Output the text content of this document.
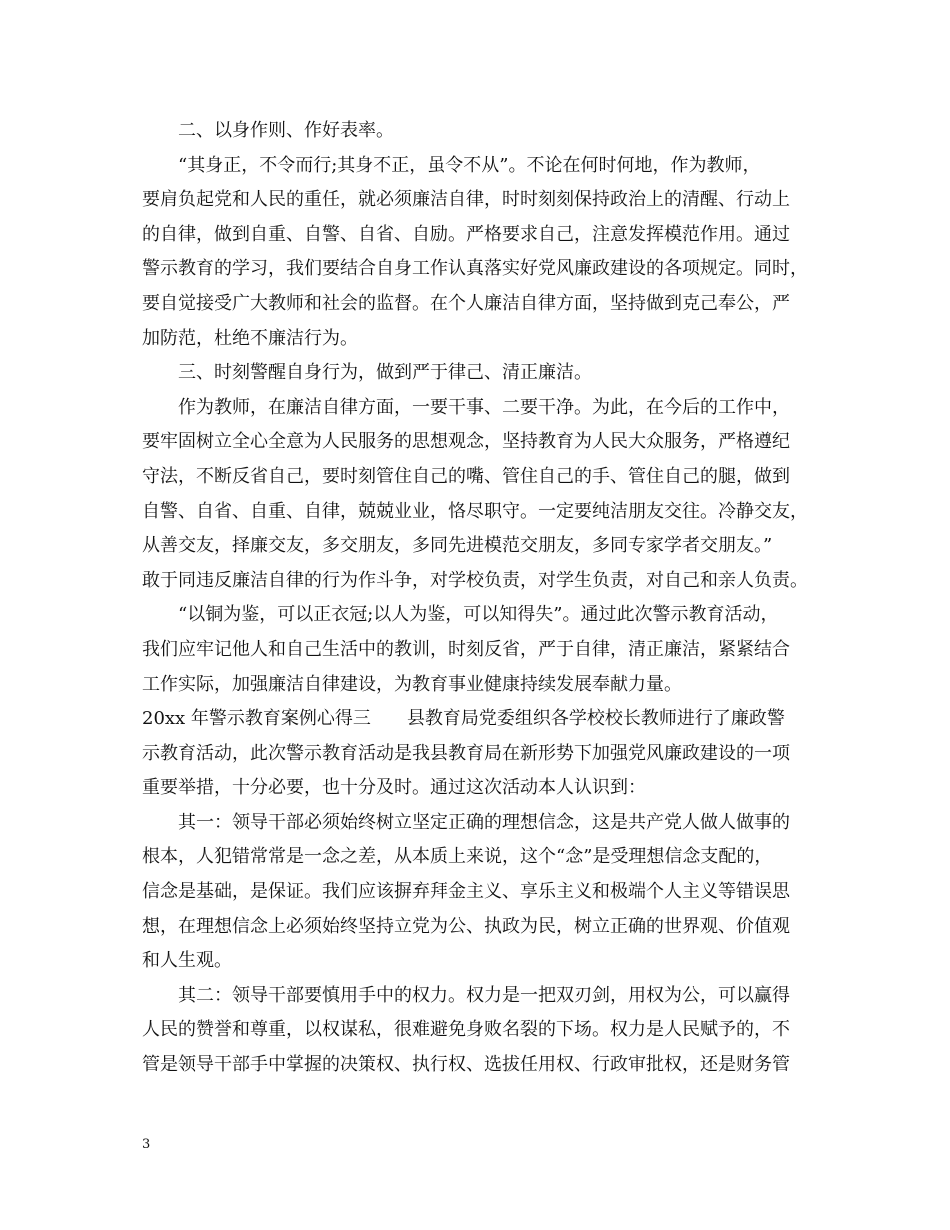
二、以身作则、作好表率。
“其身正，不令而行;其身不正，虽令不从”。不论在何时何地，作为教师，
要肩负起党和人民的重任，就必须廉洁自律，时时刻刻保持政治上的清醒、行动上
的自律，做到自重、自警、自省、自励。严格要求自己，注意发挥模范作用。通过
警示教育的学习，我们要结合自身工作认真落实好党风廉政建设的各项规定。同时，
要自觉接受广大教师和社会的监督。在个人廉洁自律方面，坚持做到克己奉公，严
加防范，杜绝不廉洁行为。
三、时刻警醒自身行为，做到严于律己、清正廉洁。
作为教师，在廉洁自律方面，一要干事、二要干净。为此，在今后的工作中，
要牢固树立全心全意为人民服务的思想观念，坚持教育为人民大众服务，严格遵纪
守法，不断反省自己，要时刻管住自己的嘴、管住自己的手、管住自己的腿，做到
自警、自省、自重、自律，兢兢业业，恪尽职守。一定要纯洁朋友交往。冷静交友，
从善交友，择廉交友，多交朋友，多同先进模范交朋友，多同专家学者交朋友。”
敢于同违反廉洁自律的行为作斗争，对学校负责，对学生负责，对自己和亲人负责。
“以铜为鉴，可以正衣冠;以人为鉴，可以知得失”。通过此次警示教育活动，
我们应牢记他人和自己生活中的教训，时刻反省，严于自律，清正廉洁，紧紧结合
工作实际，加强廉洁自律建设，为教育事业健康持续发展奉献力量。
20xx 年警示教育案例心得三 县教育局党委组织各学校校长教师进行了廉政警
示教育活动，此次警示教育活动是我县教育局在新形势下加强党风廉政建设的一项
重要举措，十分必要，也十分及时。通过这次活动本人认识到：
其一：领导干部必须始终树立坚定正确的理想信念，这是共产党人做人做事的
根本，人犯错常常是一念之差，从本质上来说，这个“念”是受理想信念支配的，
信念是基础，是保证。我们应该摒弃拜金主义、享乐主义和极端个人主义等错误思
想，在理想信念上必须始终坚持立党为公、执政为民，树立正确的世界观、价值观
和人生观。
其二：领导干部要慎用手中的权力。权力是一把双刃剑，用权为公，可以赢得
人民的赞誉和尊重，以权谋私，很难避免身败名裂的下场。权力是人民赋予的，不
管是领导干部手中掌握的决策权、执行权、选拔任用权、行政审批权，还是财务管
3
